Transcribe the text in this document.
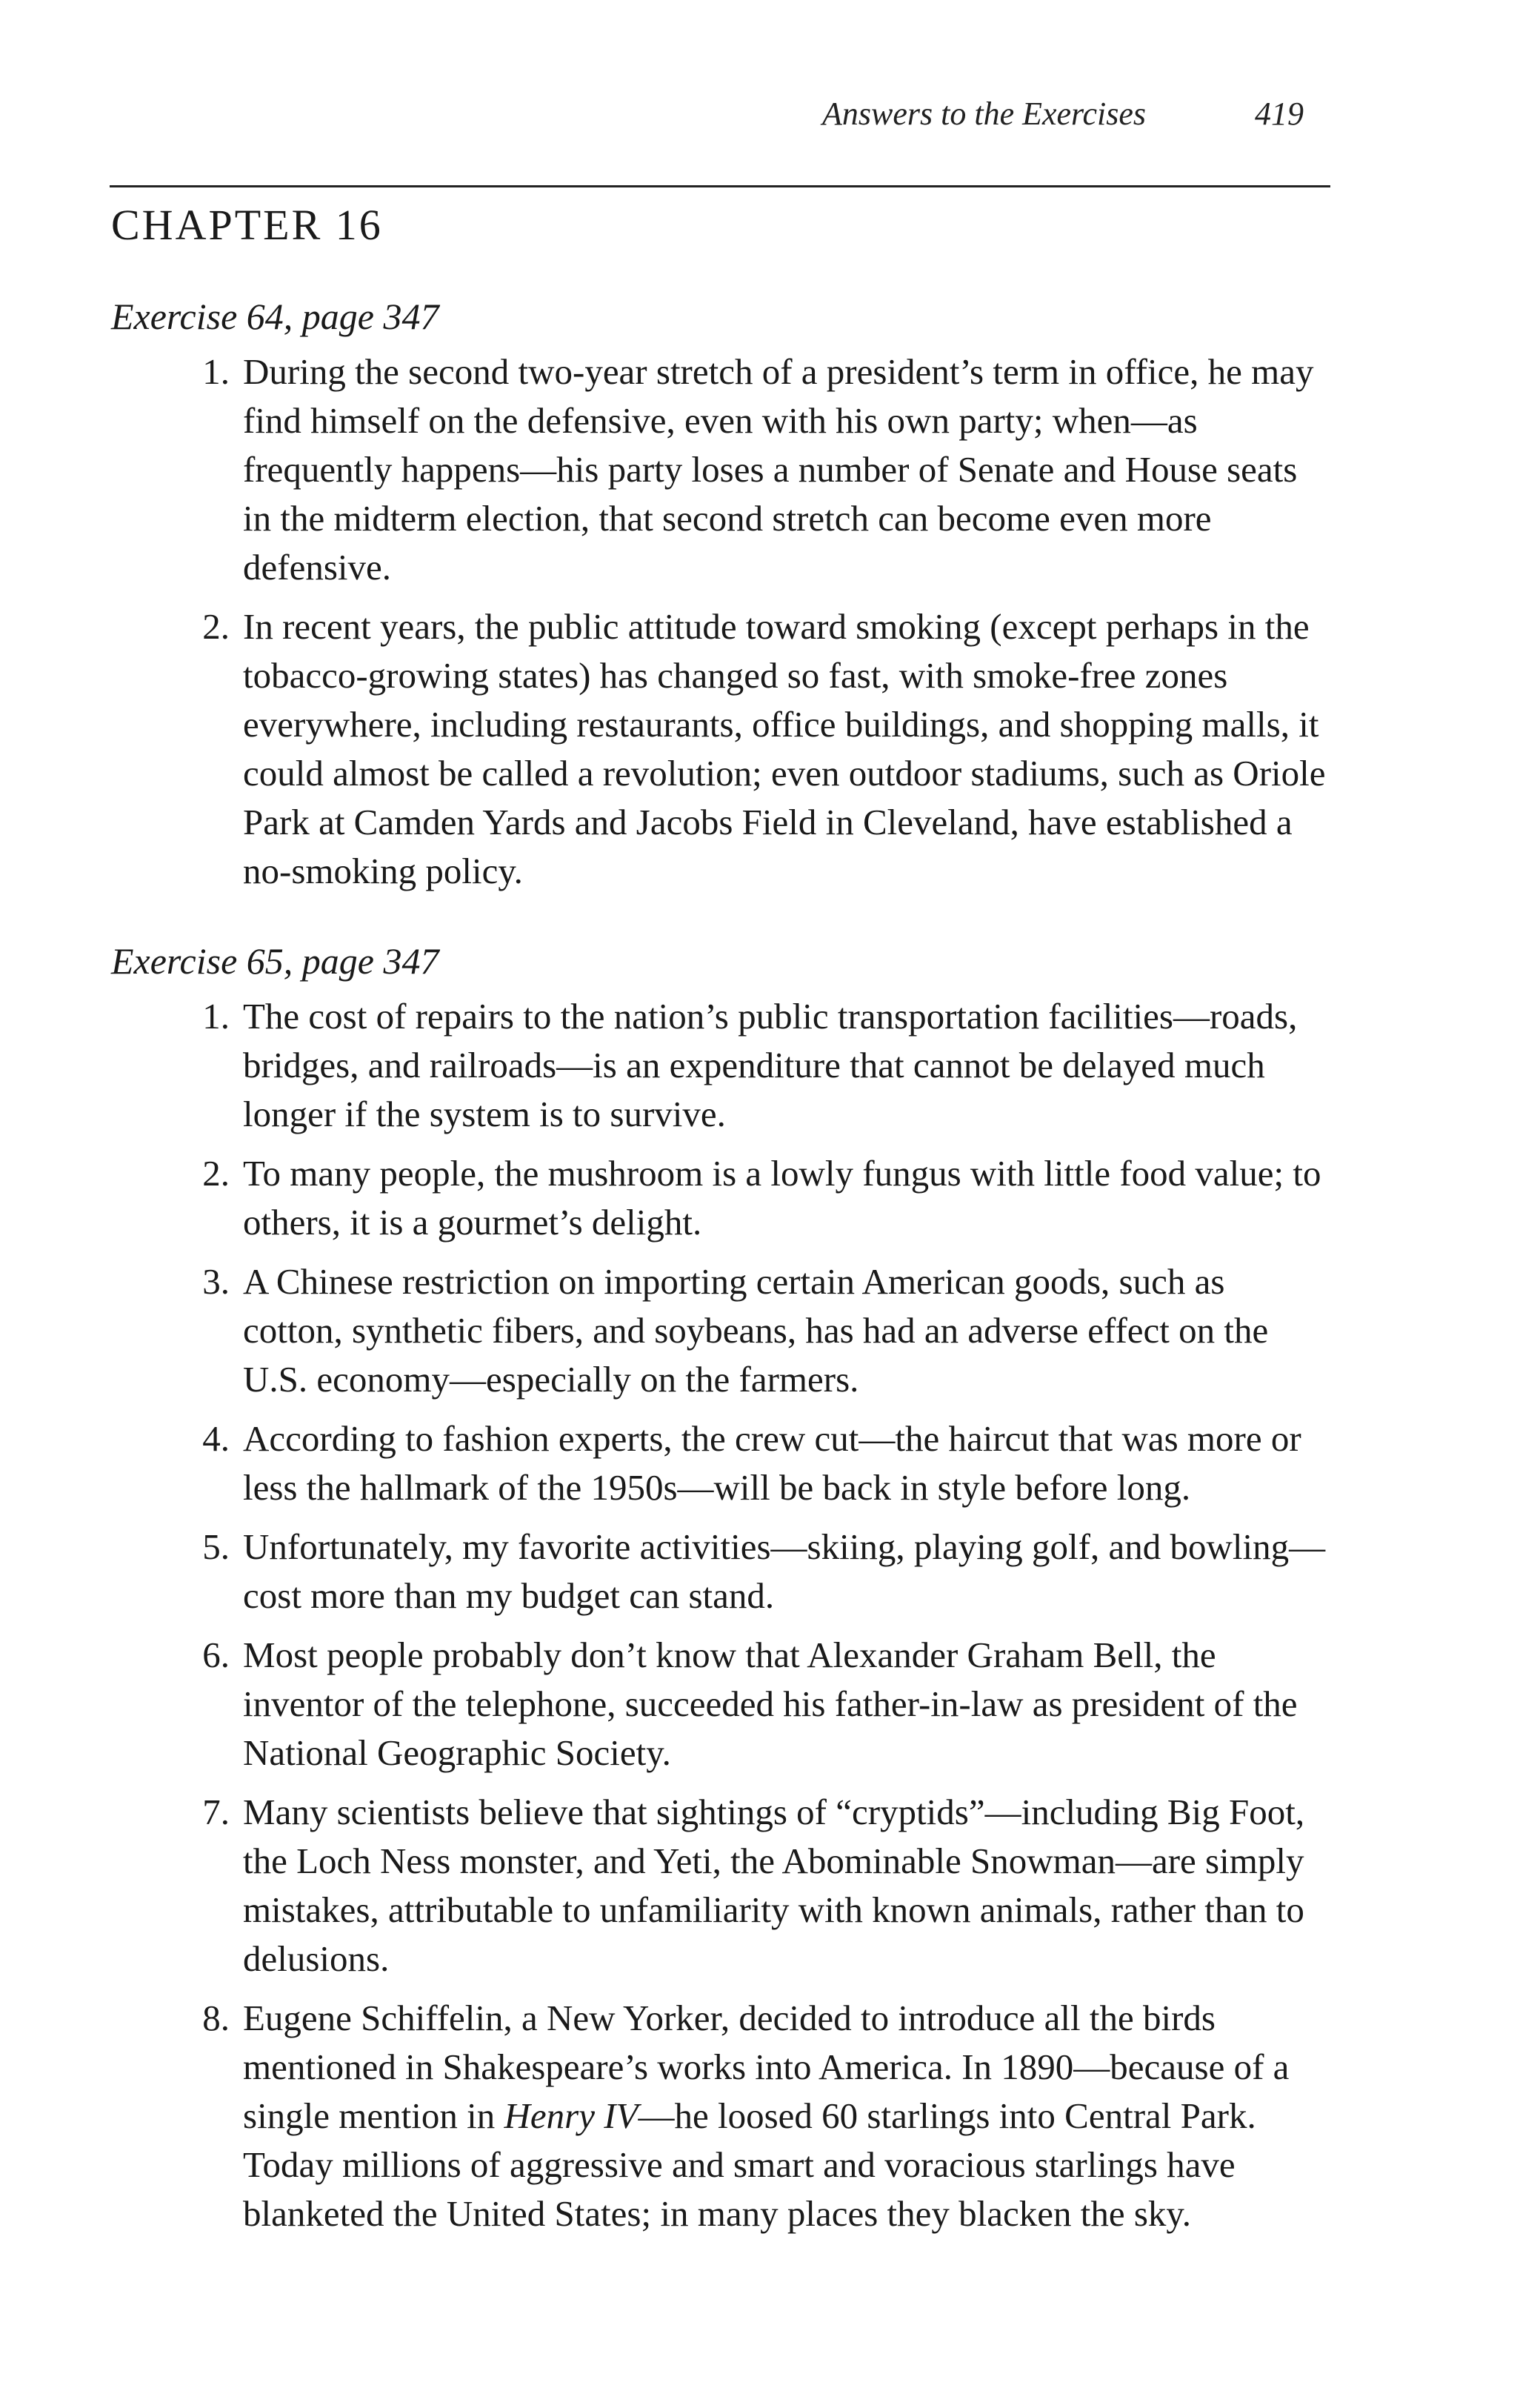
Answers to the Exercises	419
CHAPTER 16
Exercise 64, page 347
1. During the second two-year stretch of a president’s term in office, he may find himself on the defensive, even with his own party; when—as frequently happens—his party loses a number of Senate and House seats in the midterm election, that second stretch can become even more defensive.
2. In recent years, the public attitude toward smoking (except perhaps in the tobacco-growing states) has changed so fast, with smoke-free zones everywhere, including restaurants, office buildings, and shopping malls, it could almost be called a revolution; even outdoor stadiums, such as Oriole Park at Camden Yards and Jacobs Field in Cleveland, have established a no-smoking policy.
Exercise 65, page 347
1. The cost of repairs to the nation’s public transportation facilities—roads, bridges, and railroads—is an expenditure that cannot be delayed much longer if the system is to survive.
2. To many people, the mushroom is a lowly fungus with little food value; to others, it is a gourmet’s delight.
3. A Chinese restriction on importing certain American goods, such as cotton, synthetic fibers, and soybeans, has had an adverse effect on the U.S. economy—especially on the farmers.
4. According to fashion experts, the crew cut—the haircut that was more or less the hallmark of the 1950s—will be back in style before long.
5. Unfortunately, my favorite activities—skiing, playing golf, and bowling—cost more than my budget can stand.
6. Most people probably don’t know that Alexander Graham Bell, the inventor of the telephone, succeeded his father-in-law as president of the National Geographic Society.
7. Many scientists believe that sightings of “cryptids”—including Big Foot, the Loch Ness monster, and Yeti, the Abominable Snowman—are simply mistakes, attributable to unfamiliarity with known animals, rather than to delusions.
8. Eugene Schiffelin, a New Yorker, decided to introduce all the birds mentioned in Shakespeare’s works into America. In 1890—because of a single mention in Henry IV—he loosed 60 starlings into Central Park. Today millions of aggressive and smart and voracious starlings have blanketed the United States; in many places they blacken the sky.
